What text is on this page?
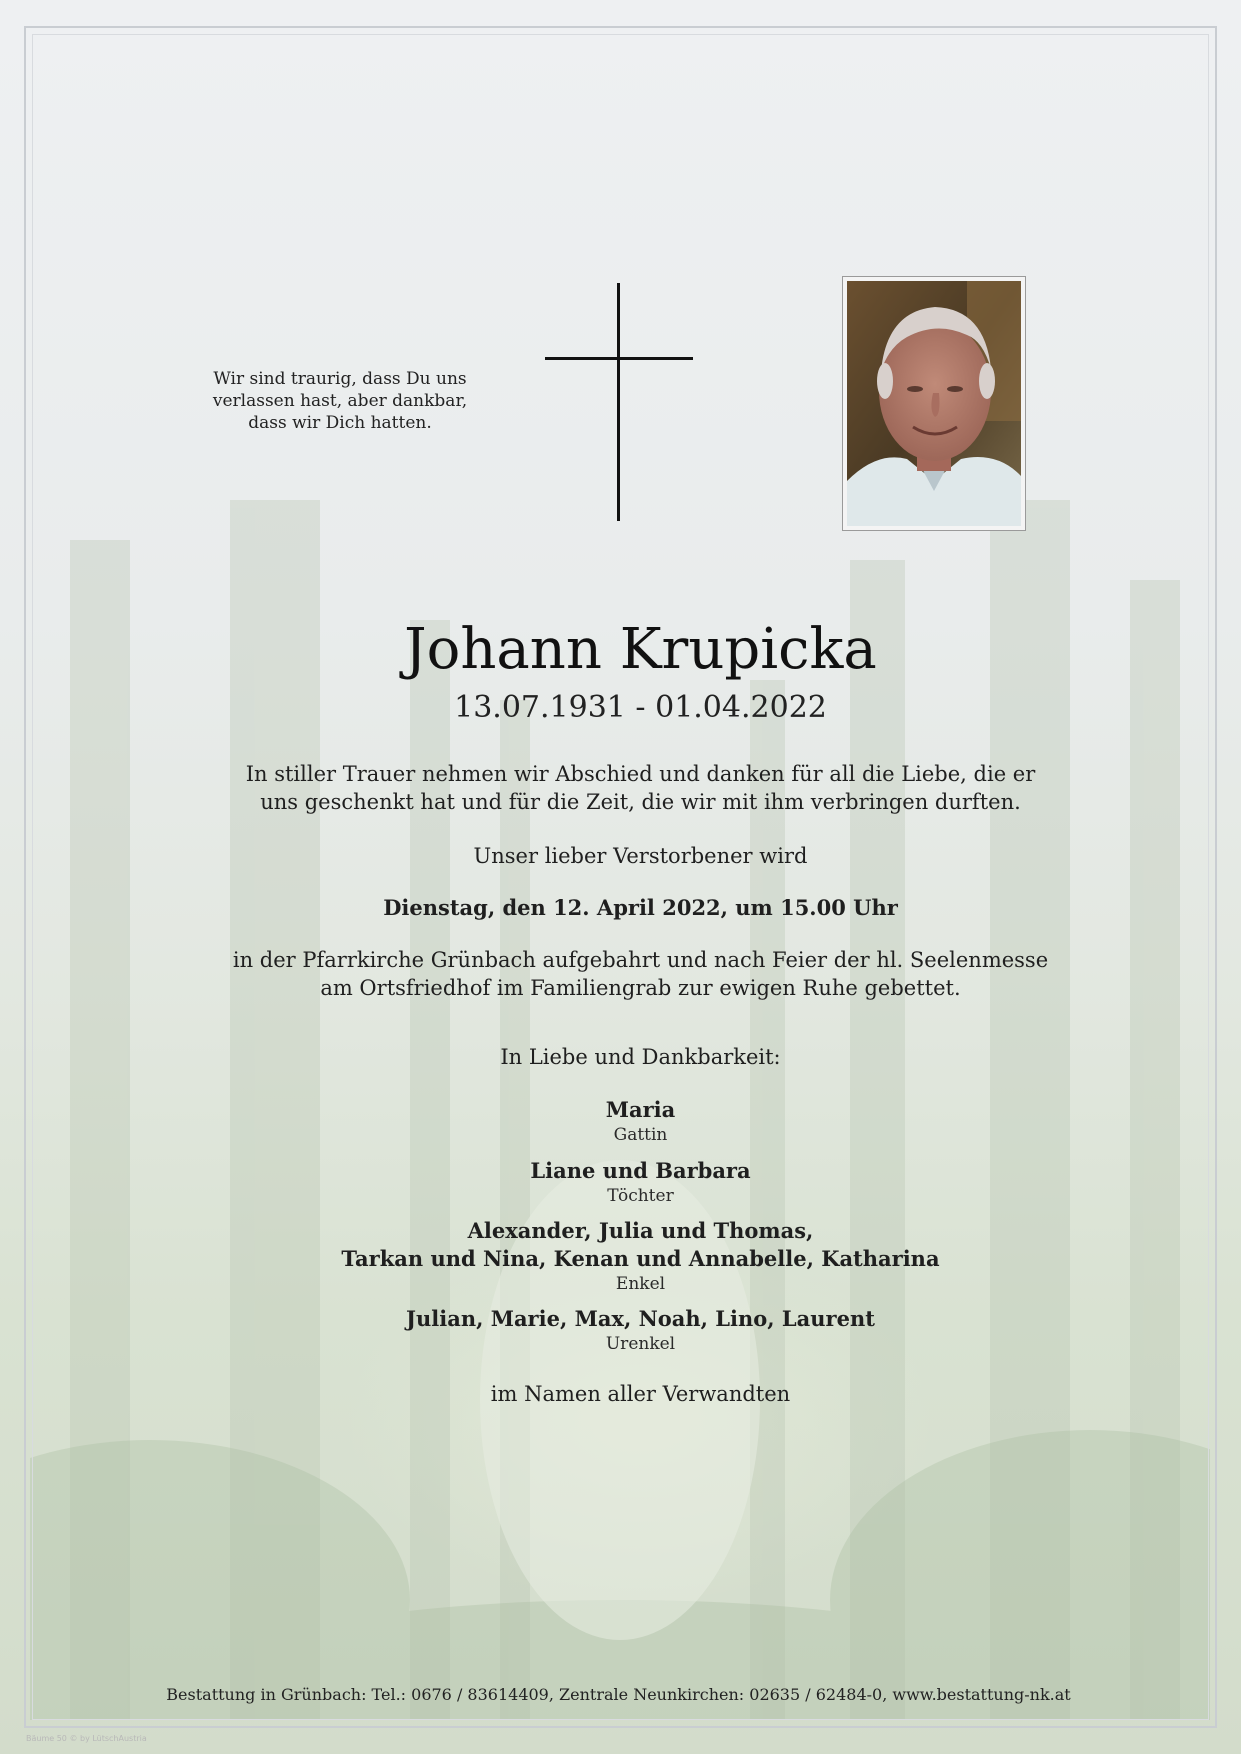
Wir sind traurig, dass Du uns
verlassen hast, aber dankbar,
dass wir Dich hatten.
Johann Krupicka
13.07.1931 - 01.04.2022
In stiller Trauer nehmen wir Abschied und danken für all die Liebe, die er
uns geschenkt hat und für die Zeit, die wir mit ihm verbringen durften.
Unser lieber Verstorbener wird
Dienstag, den 12. April 2022, um 15.00 Uhr
in der Pfarrkirche Grünbach aufgebahrt und nach Feier der hl. Seelenmesse
am Ortsfriedhof im Familiengrab zur ewigen Ruhe gebettet.
In Liebe und Dankbarkeit:
Maria
Gattin
Liane und Barbara
Töchter
Alexander, Julia und Thomas,
Tarkan und Nina, Kenan und Annabelle, Katharina
Enkel
Julian, Marie, Max, Noah, Lino, Laurent
Urenkel
im Namen aller Verwandten
Bestattung in Grünbach: Tel.: 0676 / 83614409, Zentrale Neunkirchen: 02635 / 62484-0, www.bestattung-nk.at
Bäume 50 © by LütschAustria
